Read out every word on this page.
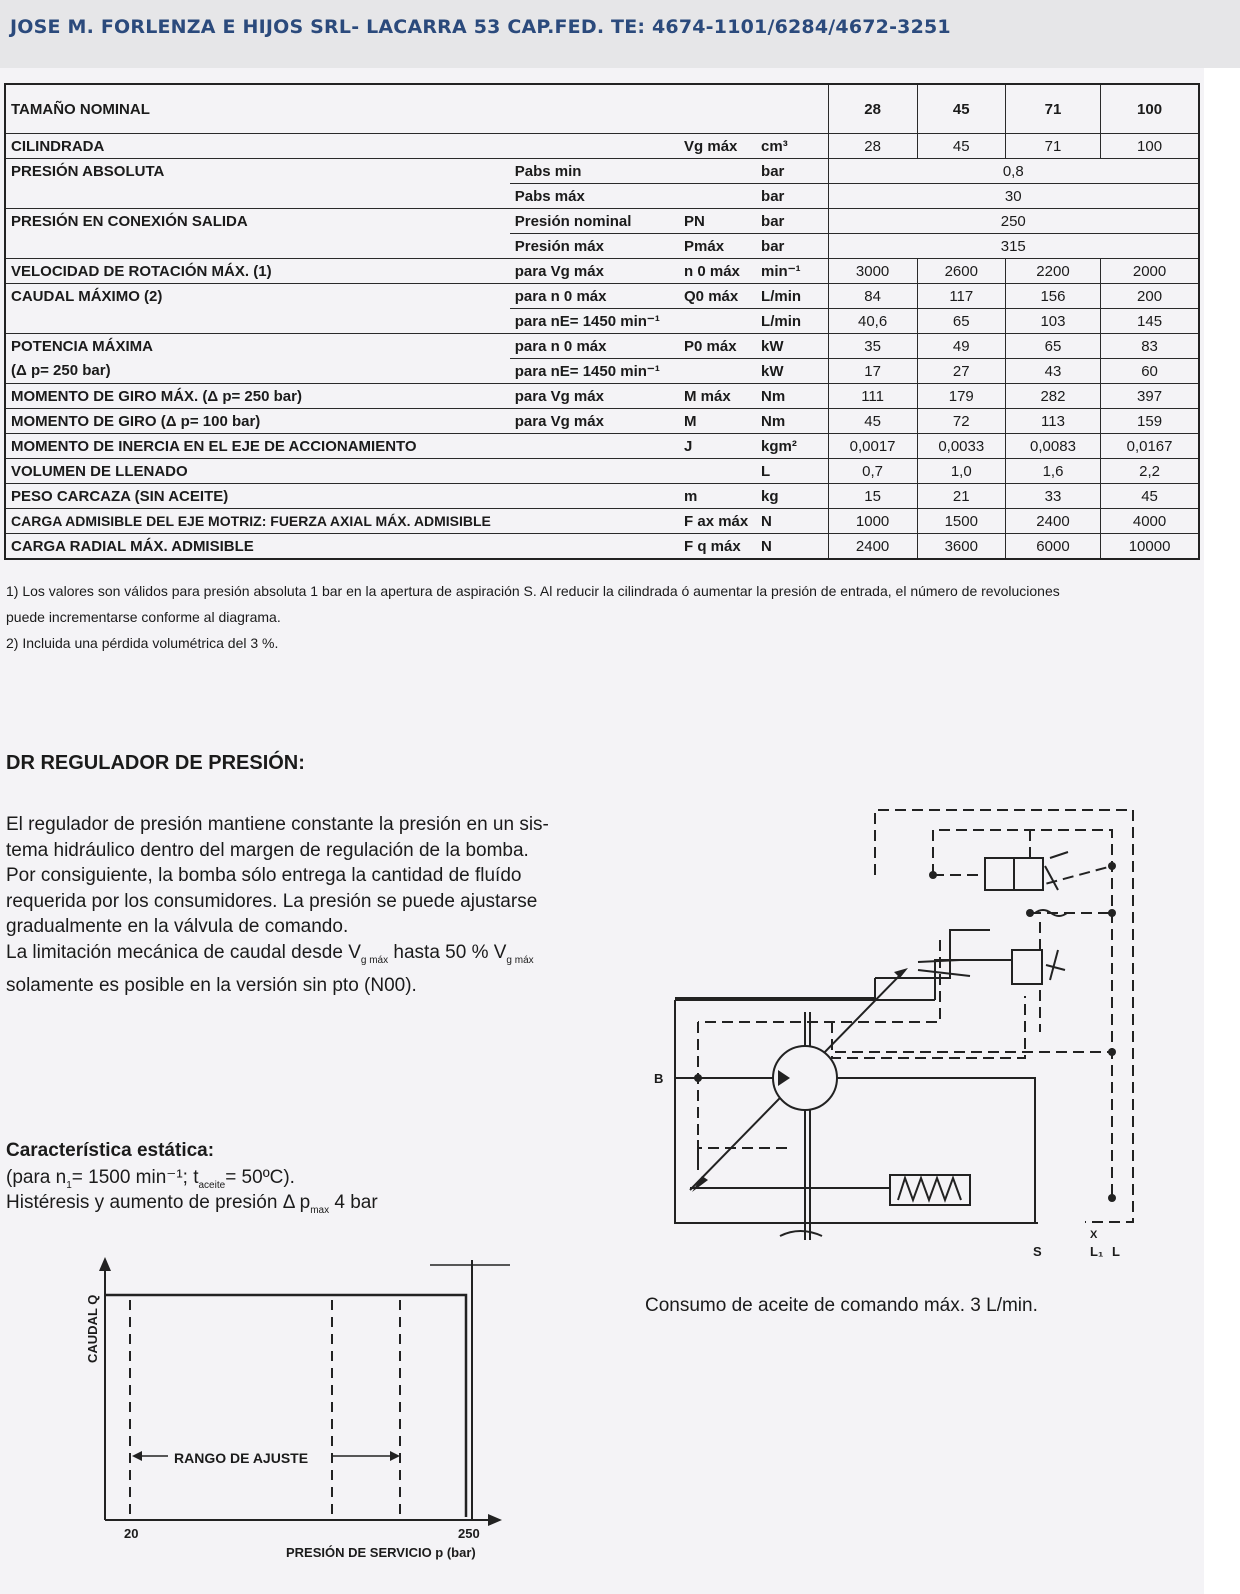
JOSE M. FORLENZA E HIJOS SRL- LACARRA 53 CAP.FED. TE: 4674-1101/6284/4672-3251
TAMAÑO NOMINAL				28	45	71	100
CILINDRADA		Vg máx	cm³	28	45	71	100
PRESIÓN ABSOLUTA	Pabs min		bar	0,8			
	Pabs máx		bar	30			
PRESIÓN EN CONEXIÓN SALIDA	Presión nominal	PN	bar	250			
	Presión máx	Pmáx	bar	315			
VELOCIDAD DE ROTACIÓN MÁX. (1)	para Vg máx	n 0 máx	min⁻¹	3000	2600	2200	2000
CAUDAL MÁXIMO (2)	para n 0 máx	Q0 máx	L/min	84	117	156	200
	para nE= 1450 min⁻¹		L/min	40,6	65	103	145
POTENCIA MÁXIMA	para n 0 máx	P0 máx	kW	35	49	65	83
(Δ p= 250 bar)	para nE= 1450 min⁻¹		kW	17	27	43	60
MOMENTO DE GIRO MÁX. (Δ p= 250 bar)	para Vg máx	M máx	Nm	111	179	282	397
MOMENTO DE GIRO (Δ p= 100 bar)	para Vg máx	M	Nm	45	72	113	159
MOMENTO DE INERCIA EN EL EJE DE ACCIONAMIENTO		J	kgm²	0,0017	0,0033	0,0083	0,0167
VOLUMEN DE LLENADO			L	0,7	1,0	1,6	2,2
PESO CARCAZA (SIN ACEITE)		m	kg	15	21	33	45
CARGA ADMISIBLE DEL EJE MOTRIZ: FUERZA AXIAL MÁX. ADMISIBLE		F ax máx	N	1000	1500	2400	4000
CARGA RADIAL MÁX. ADMISIBLE		F q máx	N	2400	3600	6000	10000
1) Los valores son válidos para presión absoluta 1 bar en la apertura de aspiración S. Al reducir la cilindrada ó aumentar la presión de entrada, el número de revoluciones
puede incrementarse conforme al diagrama.
2) Incluida una pérdida volumétrica del 3 %.
DR REGULADOR DE PRESIÓN:
El regulador de presión mantiene constante la presión en un sis-
tema hidráulico dentro del margen de regulación de la bomba.
Por consiguiente, la bomba sólo entrega la cantidad de fluído
requerida por los consumidores. La presión se puede ajustarse
gradualmente en la válvula de comando.
La limitación mecánica de caudal desde $V_{g máx}$ hasta 50 % $V_{g máx}$
solamente es posible en la versión sin pto (N00).
Característica estática:
(para $n_1= 1500$ min⁻¹; $t_{aceite}=$ 50ºC).
Histéresis y aumento de presión Δ $p_{max}$ 4 bar
RANGO DE AJUSTE
CAUDAL Q
20	250
PRESIÓN DE SERVICIO p (bar)
B
S
X
L₁ L
Consumo de aceite de comando máx. 3 L/min.
